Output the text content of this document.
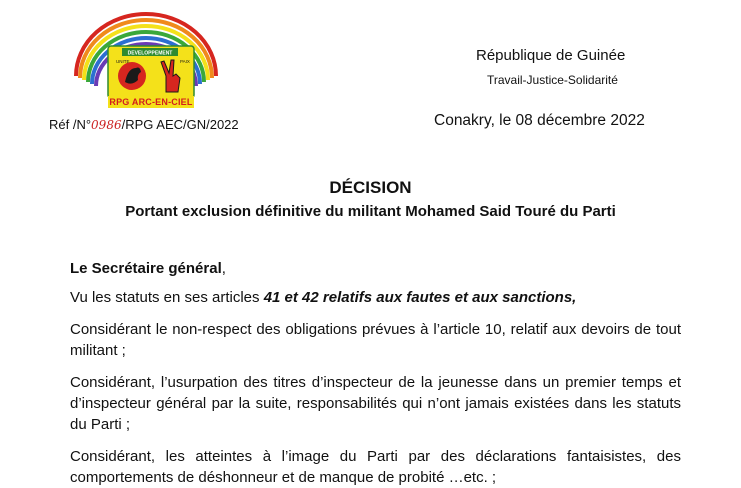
DEVELOPPEMENT
UNITE	PAIX
RPG ARC-EN-CIEL
Réf /N°0986/RPG AEC/GN/2022
République de Guinée
Travail-Justice-Solidarité
Conakry, le 08 décembre 2022
DÉCISION
Portant exclusion définitive du militant Mohamed Said Touré du Parti
Le Secrétaire général,
Vu les statuts en ses articles 41 et 42 relatifs aux fautes et aux sanctions,
Considérant le non-respect des obligations prévues à l’article 10, relatif aux devoirs de tout militant ;
Considérant, l’usurpation des titres d’inspecteur de la jeunesse dans un premier temps et d’inspecteur général par la suite, responsabilités qui n’ont jamais existées dans les statuts du Parti ;
Considérant, les atteintes à l’image du Parti par des déclarations fantaisistes, des comportements de déshonneur et de manque de probité …etc. ;
